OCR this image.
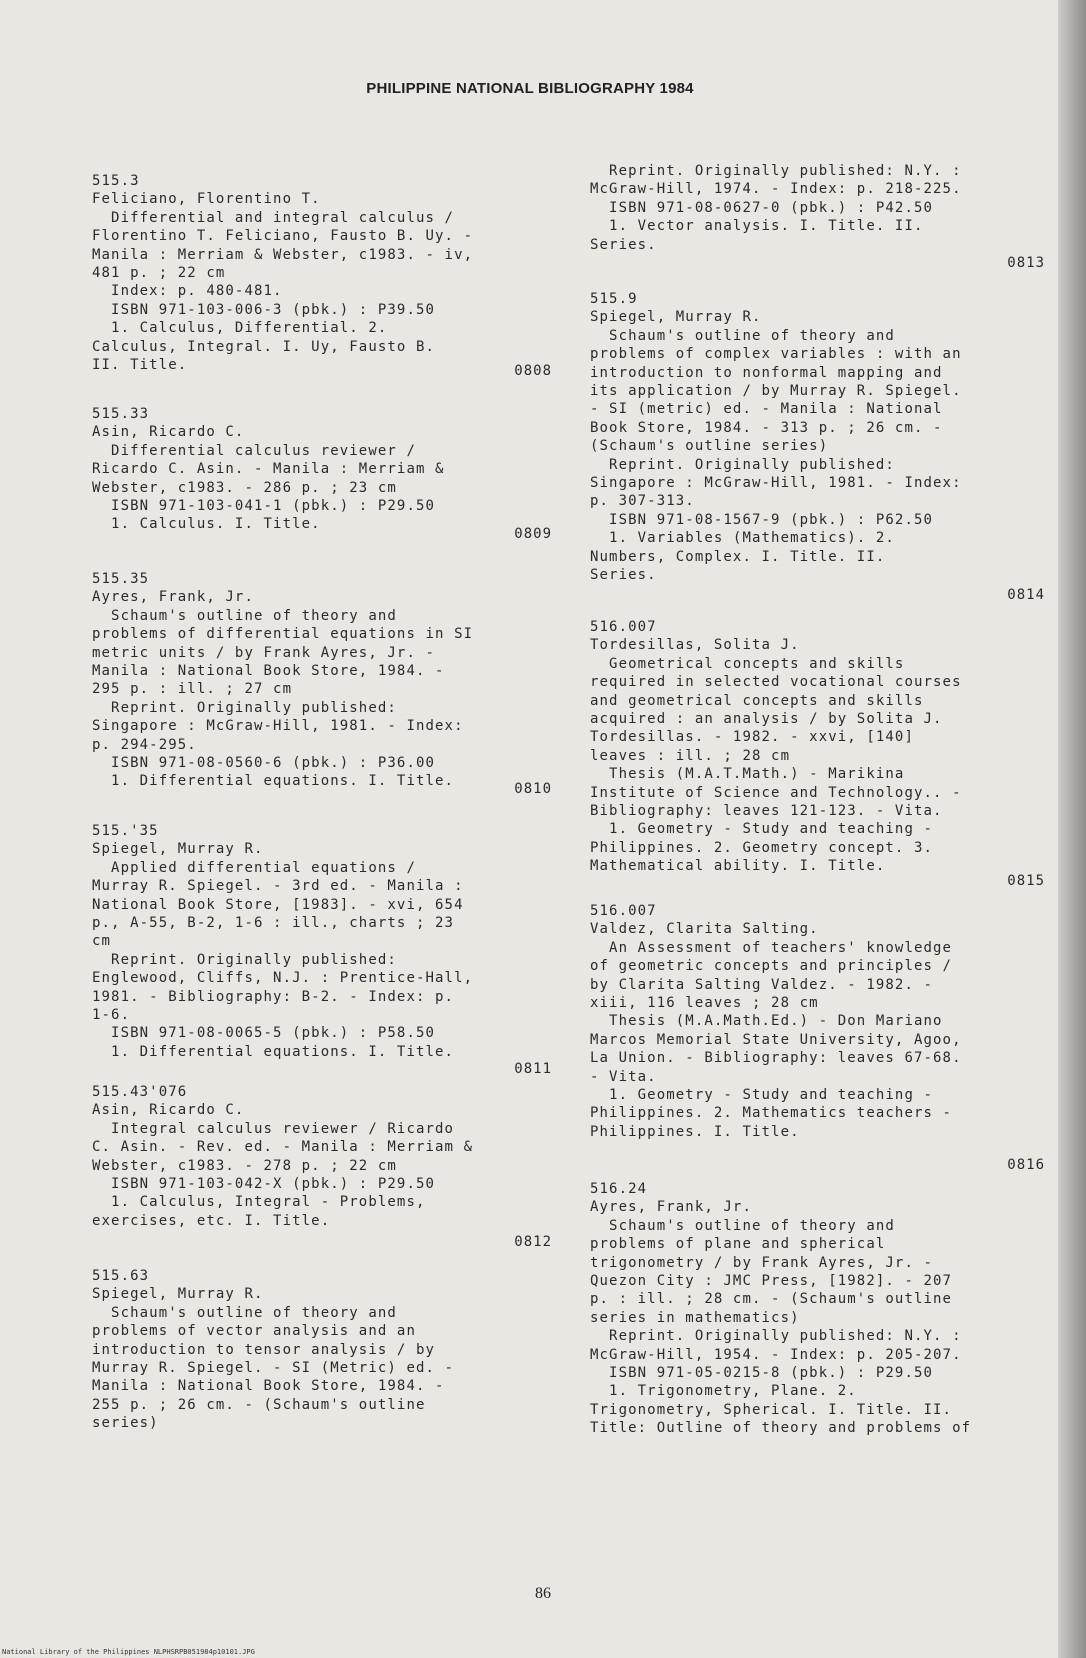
PHILIPPINE NATIONAL BIBLIOGRAPHY 1984
515.3
Feliciano, Florentino T.
Differential and integral calculus /
Florentino T. Feliciano, Fausto B. Uy. -
Manila : Merriam & Webster, c1983. - iv,
481 p. ; 22 cm
Index: p. 480-481.
ISBN 971-103-006-3 (pbk.) : P39.50
1. Calculus, Differential. 2.
Calculus, Integral. I. Uy, Fausto B.
II. Title.	0808
515.33
Asin, Ricardo C.
Differential calculus reviewer /
Ricardo C. Asin. - Manila : Merriam &
Webster, c1983. - 286 p. ; 23 cm
ISBN 971-103-041-1 (pbk.) : P29.50
1. Calculus. I. Title.
0809
515.35
Ayres, Frank, Jr.
Schaum's outline of theory and
problems of differential equations in SI
metric units / by Frank Ayres, Jr. -
Manila : National Book Store, 1984. -
295 p. : ill. ; 27 cm
Reprint. Originally published:
Singapore : McGraw-Hill, 1981. - Index:
p. 294-295.
ISBN 971-08-0560-6 (pbk.) : P36.00
1. Differential equations. I. Title.	0810
515.'35
Spiegel, Murray R.
Applied differential equations /
Murray R. Spiegel. - 3rd ed. - Manila :
National Book Store, [1983]. - xvi, 654
p., A-55, B-2, 1-6 : ill., charts ; 23
cm
Reprint. Originally published:
Englewood, Cliffs, N.J. : Prentice-Hall,
1981. - Bibliography: B-2. - Index: p.
1-6.
ISBN 971-08-0065-5 (pbk.) : P58.50
1. Differential equations. I. Title.
0811
515.43'076
Asin, Ricardo C.
Integral calculus reviewer / Ricardo
C. Asin. - Rev. ed. - Manila : Merriam &
Webster, c1983. - 278 p. ; 22 cm
ISBN 971-103-042-X (pbk.) : P29.50
1. Calculus, Integral - Problems,
exercises, etc. I. Title.
0812
515.63
Spiegel, Murray R.
Schaum's outline of theory and
problems of vector analysis and an
introduction to tensor analysis / by
Murray R. Spiegel. - SI (Metric) ed. -
Manila : National Book Store, 1984. -
255 p. ; 26 cm. - (Schaum's outline
series)
Reprint. Originally published: N.Y. :
McGraw-Hill, 1974. - Index: p. 218-225.
ISBN 971-08-0627-0 (pbk.) : P42.50
1. Vector analysis. I. Title. II.
Series.
0813
515.9
Spiegel, Murray R.
Schaum's outline of theory and
problems of complex variables : with an
introduction to nonformal mapping and
its application / by Murray R. Spiegel.
- SI (metric) ed. - Manila : National
Book Store, 1984. - 313 p. ; 26 cm. -
(Schaum's outline series)
Reprint. Originally published:
Singapore : McGraw-Hill, 1981. - Index:
p. 307-313.
ISBN 971-08-1567-9 (pbk.) : P62.50
1. Variables (Mathematics). 2.
Numbers, Complex. I. Title. II.
Series.
0814
516.007
Tordesillas, Solita J.
Geometrical concepts and skills
required in selected vocational courses
and geometrical concepts and skills
acquired : an analysis / by Solita J.
Tordesillas. - 1982. - xxvi, [140]
leaves : ill. ; 28 cm
Thesis (M.A.T.Math.) - Marikina
Institute of Science and Technology.. -
Bibliography: leaves 121-123. - Vita.
1. Geometry - Study and teaching -
Philippines. 2. Geometry concept. 3.
Mathematical ability. I. Title.
0815
516.007
Valdez, Clarita Salting.
An Assessment of teachers' knowledge
of geometric concepts and principles /
by Clarita Salting Valdez. - 1982. -
xiii, 116 leaves ; 28 cm
Thesis (M.A.Math.Ed.) - Don Mariano
Marcos Memorial State University, Agoo,
La Union. - Bibliography: leaves 67-68.
- Vita.
1. Geometry - Study and teaching -
Philippines. 2. Mathematics teachers -
Philippines. I. Title.
0816
516.24
Ayres, Frank, Jr.
Schaum's outline of theory and
problems of plane and spherical
trigonometry / by Frank Ayres, Jr. -
Quezon City : JMC Press, [1982]. - 207
p. : ill. ; 28 cm. - (Schaum's outline
series in mathematics)
Reprint. Originally published: N.Y. :
McGraw-Hill, 1954. - Index: p. 205-207.
ISBN 971-05-0215-8 (pbk.) : P29.50
1. Trigonometry, Plane. 2.
Trigonometry, Spherical. I. Title. II.
Title: Outline of theory and problems of
86
National Library of the Philippines NLPHSRPB051984p10101.JPG
